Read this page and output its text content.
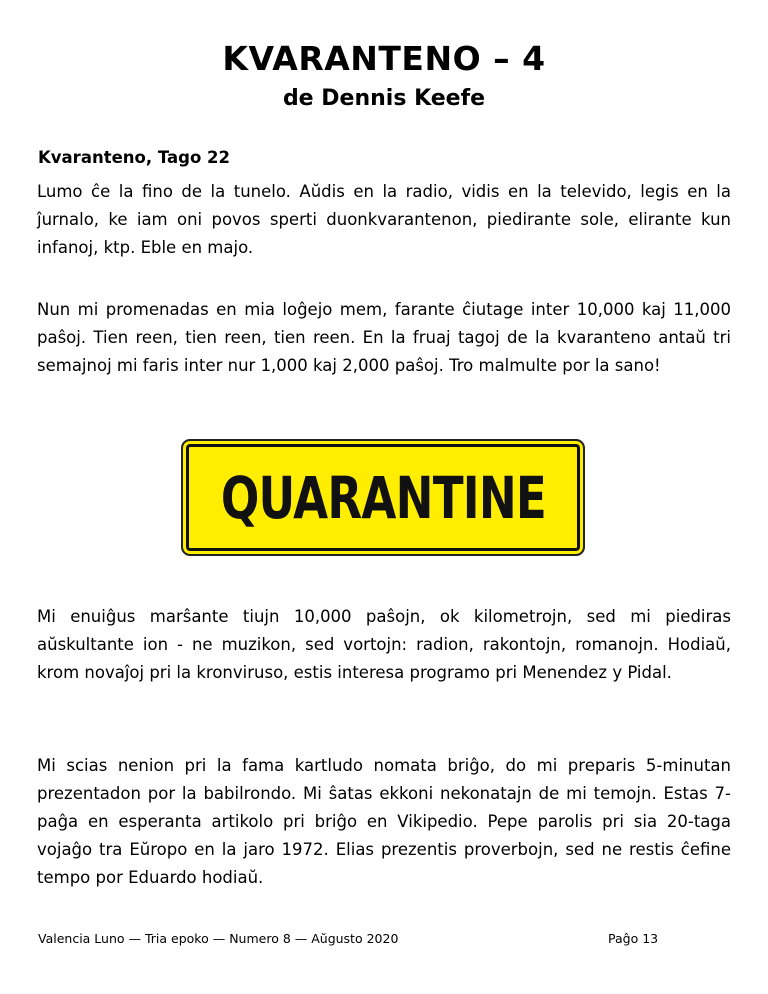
KVARANTENO – 4
de Dennis Keefe
Kvaranteno, Tago 22

Lumo ĉe la fino de la tunelo. Aŭdis en la radio, vidis en la televido, legis en la ĵurnalo, ke iam oni povos sperti duonkvarantenon, piedirante sole, elirante kun infanoj, ktp. Eble en majo.

Nun mi promenadas en mia loĝejo mem, farante ĉiutage inter 10,000 kaj 11,000 paŝoj. Tien reen, tien reen, tien reen. En la fruaj tagoj de la kvaranteno antaŭ tri semajnoj mi faris inter nur 1,000 kaj 2,000 paŝoj. Tro malmulte por la sano!

QUARANTINE

Mi enuiĝus marŝante tiujn 10,000 paŝojn, ok kilometrojn, sed mi piediras aŭskultante ion - ne muzikon, sed vortojn: radion, rakontojn, romanojn. Hodiaŭ, krom novaĵoj pri la kronviruso, estis interesa programo pri Menendez y Pidal.

Mi scias nenion pri la fama kartludo nomata briĝo, do mi preparis 5-minutan prezentadon por la babilrondo. Mi ŝatas ekkoni nekonatajn de mi temojn. Estas 7-paĝa en esperanta artikolo pri briĝo en Vikipedio. Pepe parolis pri sia 20-taga vojaĝo tra Eŭropo en la jaro 1972. Elias prezentis proverbojn, sed ne restis ĉefine tempo por Eduardo hodiaŭ.

Valencia Luno — Tria epoko — Numero 8 — Aŭgusto 2020	Paĝo 13
